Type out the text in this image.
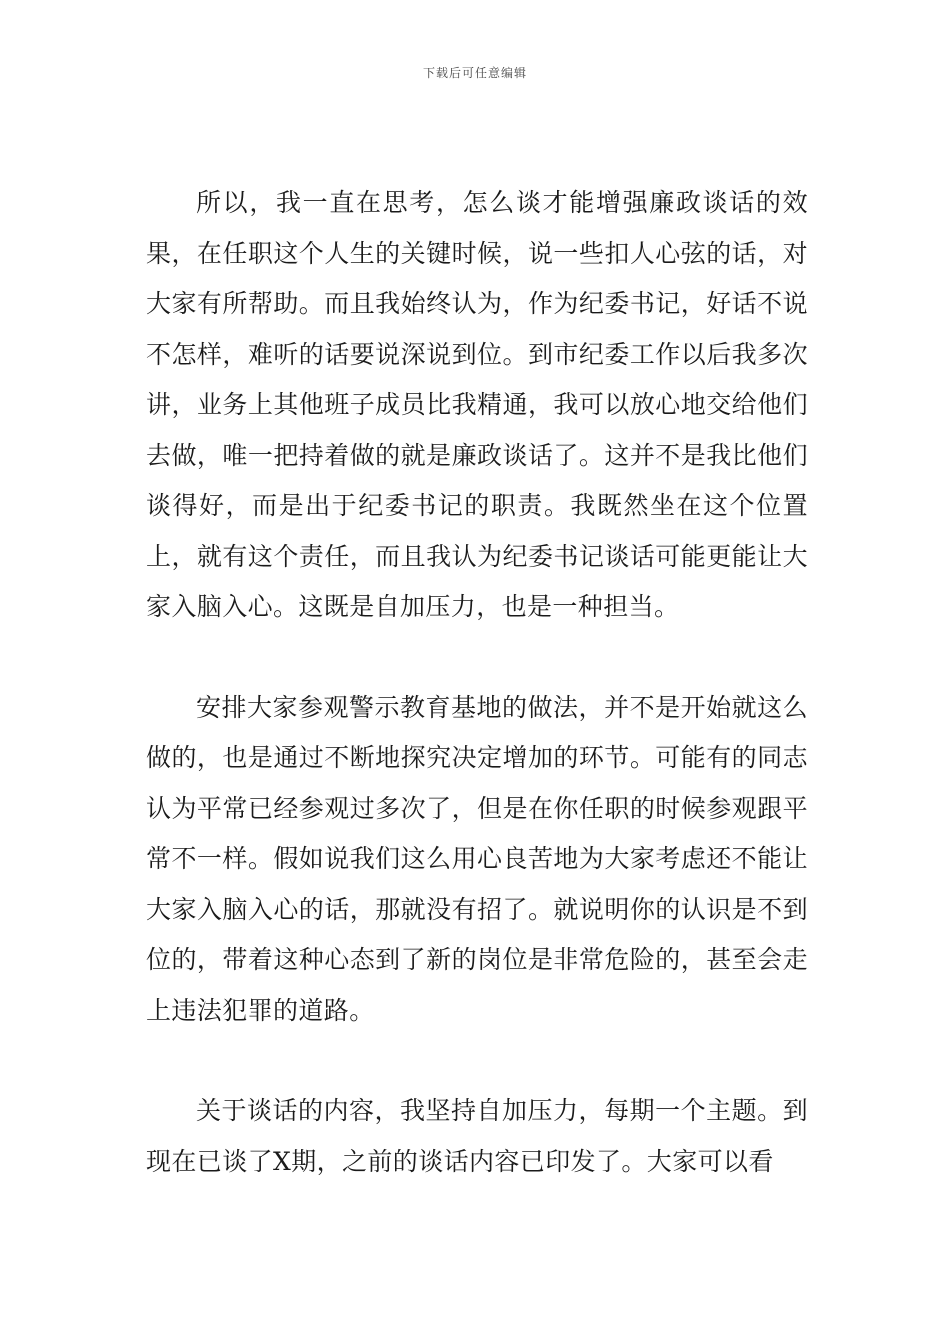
下载后可任意编辑

所以，我一直在思考，怎么谈才能增强廉政谈话的效果，在任职这个人生的关键时候，说一些扣人心弦的话，对大家有所帮助。而且我始终认为，作为纪委书记，好话不说不怎样，难听的话要说深说到位。到市纪委工作以后我多次讲，业务上其他班子成员比我精通，我可以放心地交给他们去做，唯一把持着做的就是廉政谈话了。这并不是我比他们谈得好，而是出于纪委书记的职责。我既然坐在这个位置上，就有这个责任，而且我认为纪委书记谈话可能更能让大家入脑入心。这既是自加压力，也是一种担当。

安排大家参观警示教育基地的做法，并不是开始就这么做的，也是通过不断地探究决定增加的环节。可能有的同志认为平常已经参观过多次了，但是在你任职的时候参观跟平常不一样。假如说我们这么用心良苦地为大家考虑还不能让大家入脑入心的话，那就没有招了。就说明你的认识是不到位的，带着这种心态到了新的岗位是非常危险的，甚至会走上违法犯罪的道路。

关于谈话的内容，我坚持自加压力，每期一个主题。到现在已谈了X期，之前的谈话内容已印发了。大家可以看
